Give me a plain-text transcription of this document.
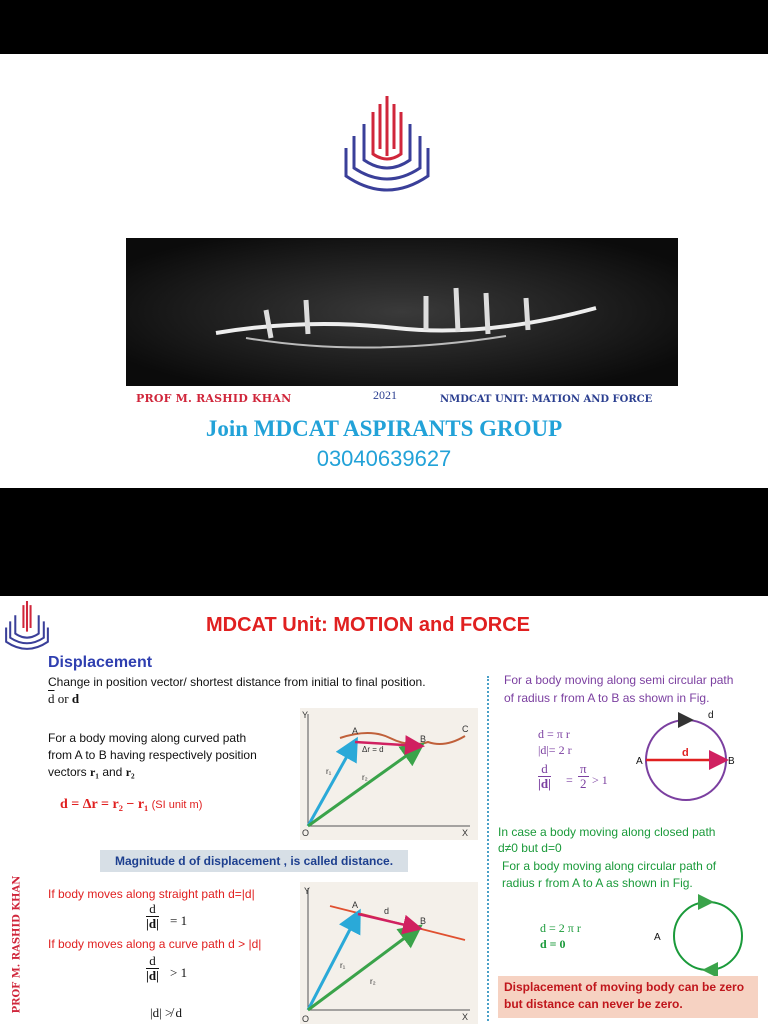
PROF M. RASHID KHAN	2021	NMDCAT UNIT: MATION AND FORCE
Join MDCAT ASPIRANTS GROUP
03040639627
MDCAT Unit: MOTION and FORCE
Displacement
Change in position vector/ shortest distance from initial to final position.
$\overline{d}$ or d
For a body moving along curved path
from A to B having respectively position
vectors r₁ and r₂
d = Δr = r₂ − r₁ (SI unit m)
Y
X
O
A
B
C
Δr = d
r₁
r₂
Magnitude d of displacement , is called distance.
PROF M. RASHID KHAN If body moves along straight path d=|d|
$\frac{d}{|d|} = 1$
If body moves along a curve path d > |d|
$\frac{d}{|d|} > 1$
|d| ≯ d
Y
X
O
A
B
d
r₁
r₂
For a body moving along semi circular path
of radius r from A to B as shown in Fig.
d = π r
|d|= 2 r
$\frac{d}{|d|} = \frac{\pi}{2} > 1$
A	B
d
d
In case a body moving along closed path
d≠0 but d=0
For a body moving along circular path of
radius r from A to A as shown in Fig.
d = 2 π r
d = 0	A
Displacement of moving body can be zero
but distance can never be zero.
